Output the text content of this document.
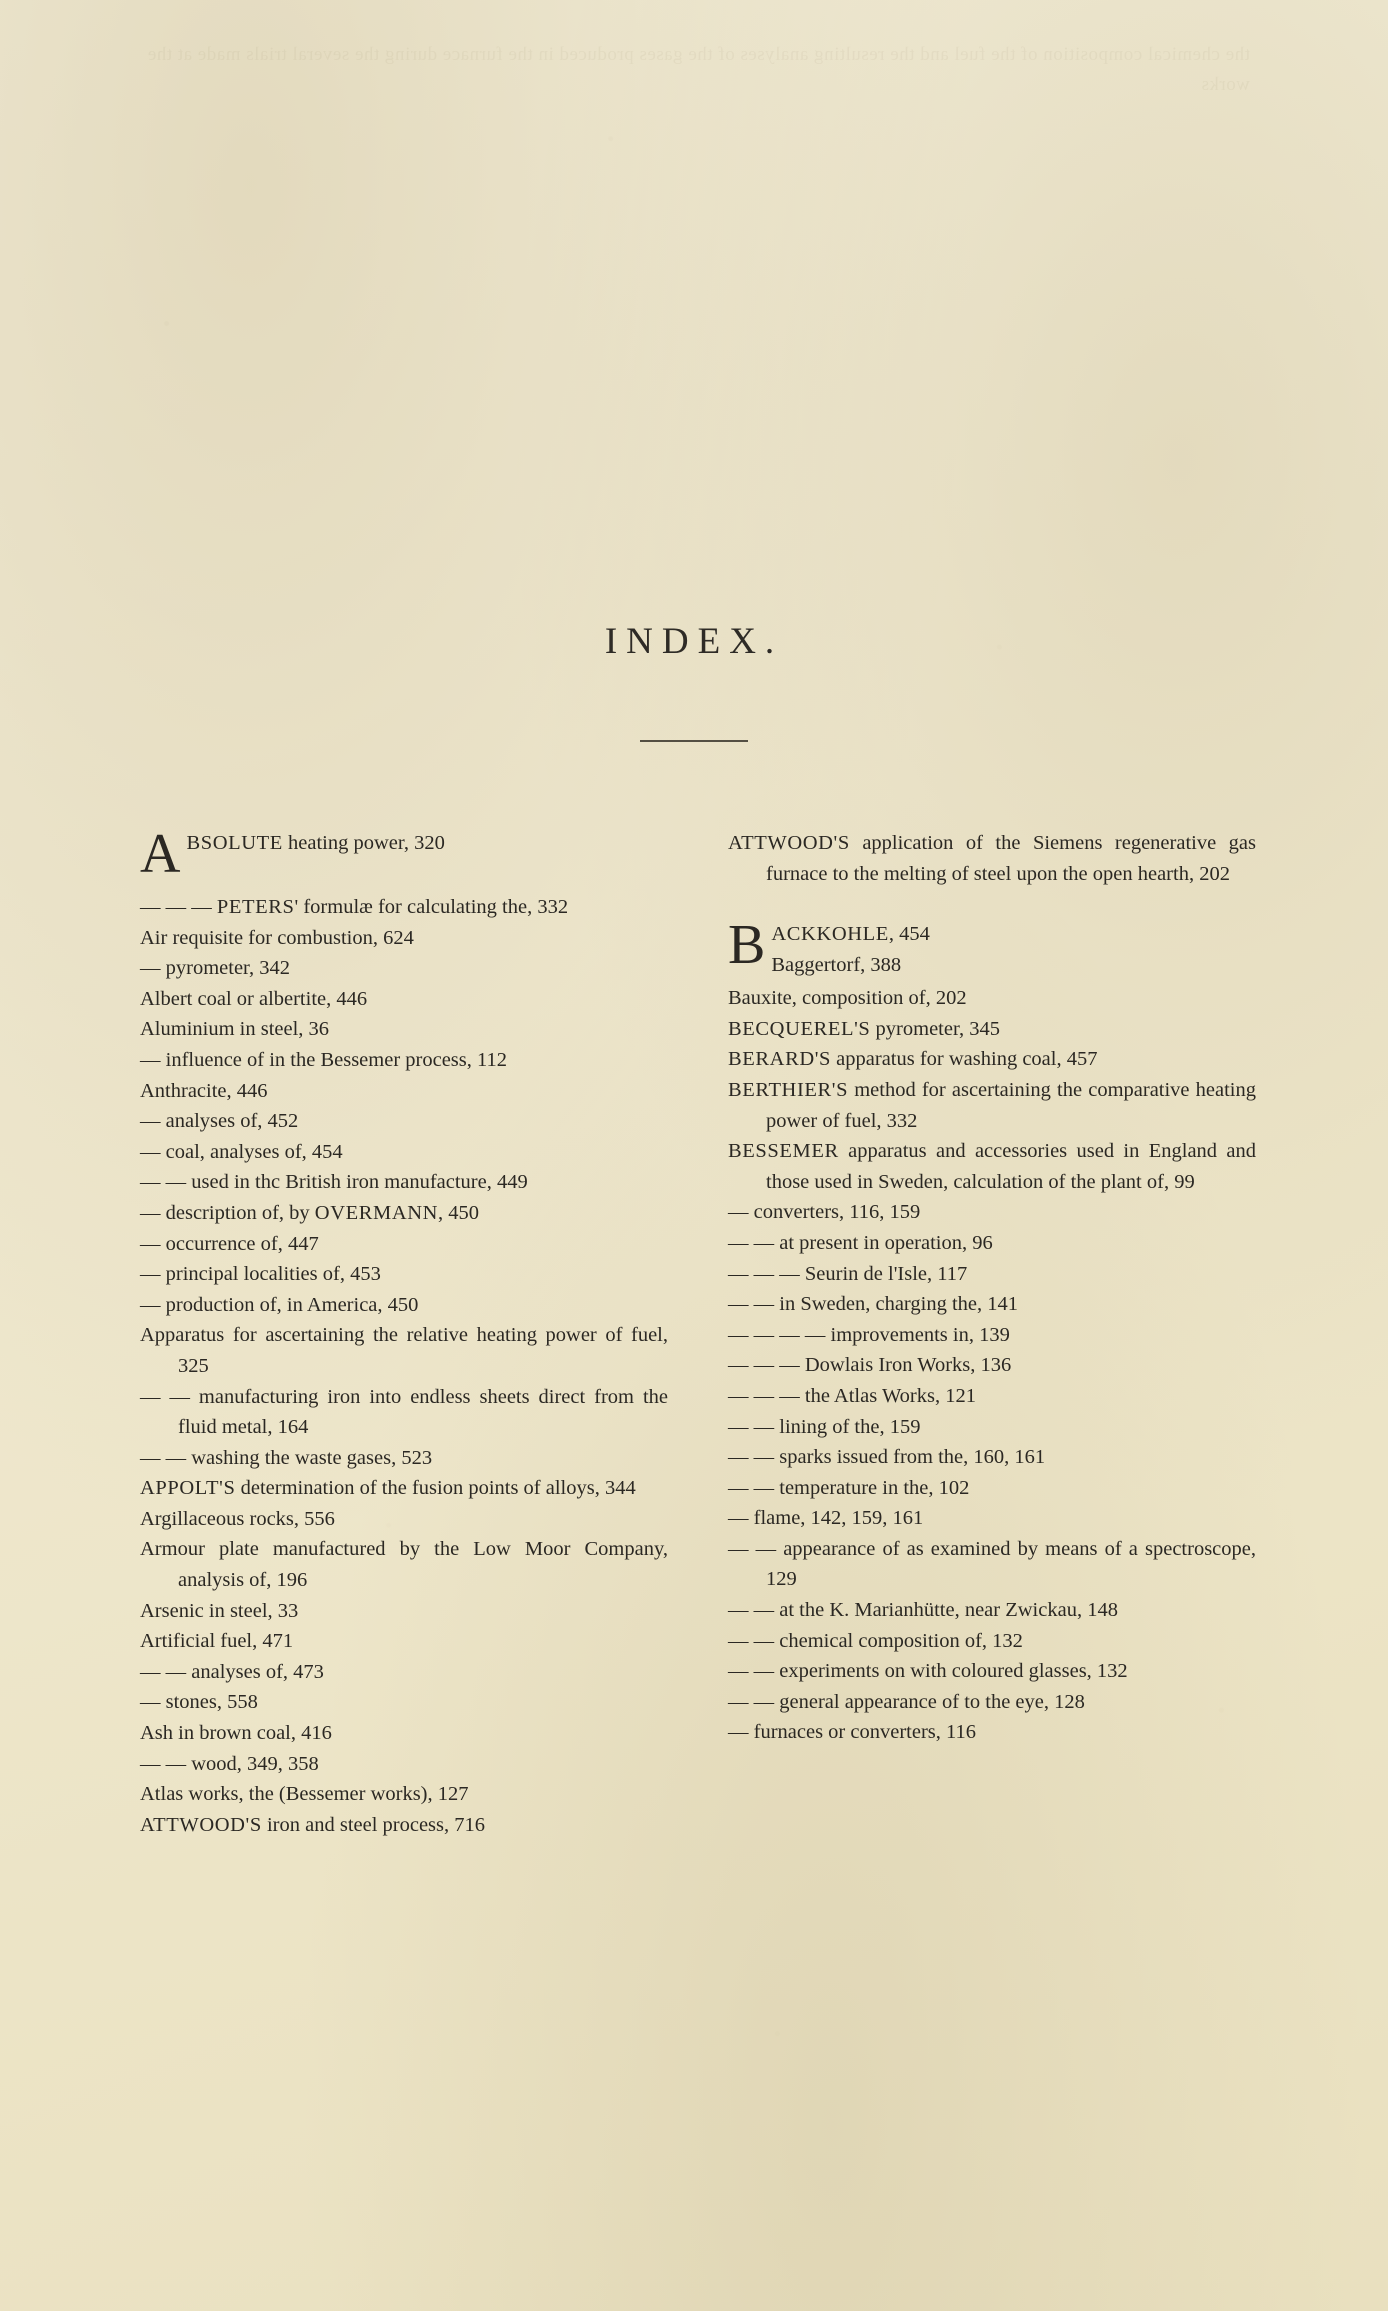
the chemical composition of the fuel and the resulting analyses of the gases produced in the furnace during the several trials made at the works
INDEX.
A BSOLUTE heating power, 320
— — — PETERS' formulæ for calculating the, 332
Air requisite for combustion, 624
— pyrometer, 342
Albert coal or albertite, 446
Aluminium in steel, 36
— influence of in the Bessemer process, 112
Anthracite, 446
— analyses of, 452
— coal, analyses of, 454
— — used in thc British iron manufacture, 449
— description of, by OVERMANN, 450
— occurrence of, 447
— principal localities of, 453
— production of, in America, 450
Apparatus for ascertaining the relative heating power of fuel, 325
— — manufacturing iron into endless sheets direct from the fluid metal, 164
— — washing the waste gases, 523
APPOLT'S determination of the fusion points of alloys, 344
Argillaceous rocks, 556
Armour plate manufactured by the Low Moor Company, analysis of, 196
Arsenic in steel, 33
Artificial fuel, 471
— — analyses of, 473
— stones, 558
Ash in brown coal, 416
— — wood, 349, 358
Atlas works, the (Bessemer works), 127
ATTWOOD'S iron and steel process, 716
ATTWOOD'S application of the Siemens regenerative gas furnace to the melting of steel upon the open hearth, 202
B ACKKOHLE, 454
Baggertorf, 388
Bauxite, composition of, 202
BECQUEREL'S pyrometer, 345
BERARD'S apparatus for washing coal, 457
BERTHIER'S method for ascertaining the comparative heating power of fuel, 332
BESSEMER apparatus and accessories used in England and those used in Sweden, calculation of the plant of, 99
— converters, 116, 159
— — at present in operation, 96
— — — Seurin de l'Isle, 117
— — in Sweden, charging the, 141
— — — — improvements in, 139
— — — Dowlais Iron Works, 136
— — — the Atlas Works, 121
— — lining of the, 159
— — sparks issued from the, 160, 161
— — temperature in the, 102
— flame, 142, 159, 161
— — appearance of as examined by means of a spectroscope, 129
— — at the K. Marianhütte, near Zwickau, 148
— — chemical composition of, 132
— — experiments on with coloured glasses, 132
— — general appearance of to the eye, 128
— furnaces or converters, 116
